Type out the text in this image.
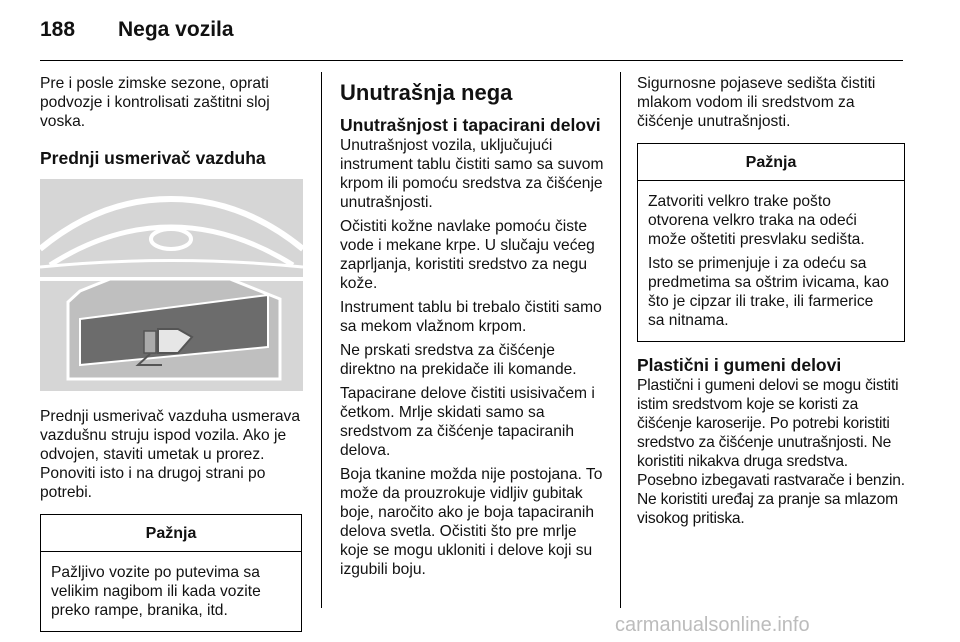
188 Nega vozila

Pre i posle zimske sezone, oprati podvozje i kontrolisati zaštitni sloj voska.

Prednji usmerivač vazduha

Prednji usmerivač vazduha usmerava vazdušnu struju ispod vozila. Ako je odvojen, staviti umetak u prorez. Ponoviti isto i na drugoj strani po potrebi.

Pažnja

Pažljivo vozite po putevima sa velikim nagibom ili kada vozite preko rampe, branika, itd.

Unutrašnja nega
Unutrašnjost i tapacirani delovi

Unutrašnjost vozila, uključujući instrument tablu čistiti samo sa suvom krpom ili pomoću sredstva za čišćenje unutrašnjosti.

Očistiti kožne navlake pomoću čiste vode i mekane krpe. U slučaju većeg zaprljanja, koristiti sredstvo za negu kože.

Instrument tablu bi trebalo čistiti samo sa mekom vlažnom krpom.

Ne prskati sredstva za čišćenje direktno na prekidače ili komande.

Tapacirane delove čistiti usisivačem i četkom. Mrlje skidati samo sa sredstvom za čišćenje tapaciranih delova.

Boja tkanine možda nije postojana. To može da prouzrokuje vidljiv gubitak boje, naročito ako je boja tapaciranih delova svetla. Očistiti što pre mrlje koje se mogu ukloniti i delove koji su izgubili boju.

Sigurnosne pojaseve sedišta čistiti mlakom vodom ili sredstvom za čišćenje unutrašnjosti.

Pažnja

Zatvoriti velkro trake pošto otvorena velkro traka na odeći može oštetiti presvlaku sedišta.

Isto se primenjuje i za odeću sa predmetima sa oštrim ivicama, kao što je cipzar ili trake, ili farmerice sa nitnama.

Plastični i gumeni delovi

Plastični i gumeni delovi se mogu čistiti istim sredstvom koje se koristi za čišćenje karoserije. Po potrebi koristiti sredstvo za čišćenje unutrašnjosti. Ne koristiti nikakva druga sredstva. Posebno izbegavati rastvarače i benzin. Ne koristiti uređaj za pranje sa mlazom visokog pritiska.

carmanualsonline.info
